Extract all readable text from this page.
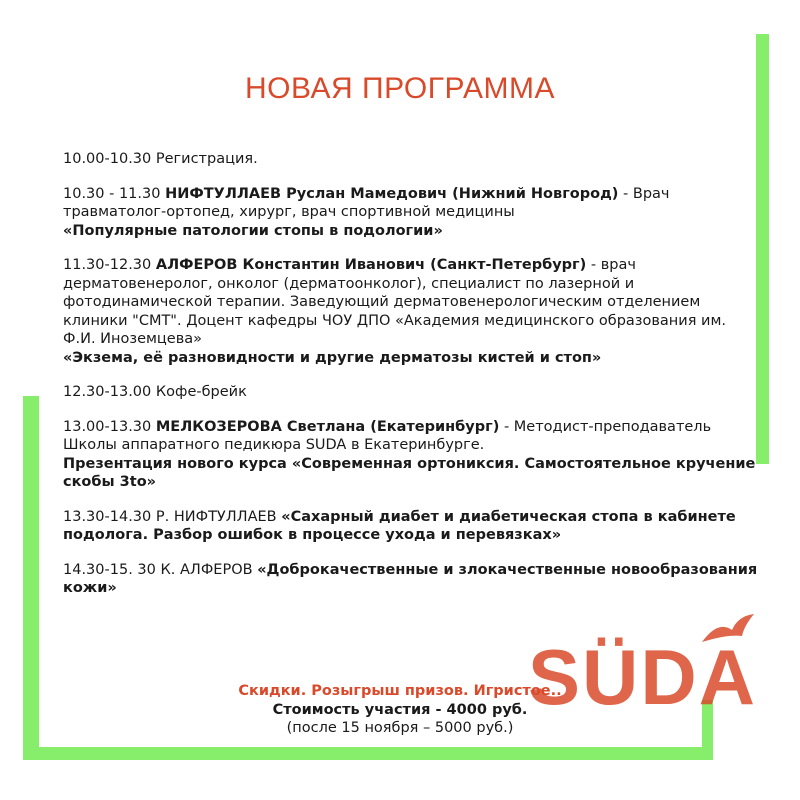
НОВАЯ ПРОГРАММА
10.00-10.30 Регистрация.
10.30 - 11.30 НИФТУЛЛАЕВ Руслан Мамедович (Нижний Новгород) - Врач травматолог-ортопед, хирург, врач спортивной медицины
«Популярные патологии стопы в подологии»
11.30-12.30 АЛФЕРОВ Константин Иванович (Санкт-Петербург) - врач дерматовенеролог, онколог (дерматоонколог), специалист по лазерной и фотодинамической терапии. Заведующий дерматовенерологическим отделением клиники "СМТ". Доцент кафедры ЧОУ ДПО «Академия медицинского образования им. Ф.И. Иноземцева»
«Экзема, её разновидности и другие дерматозы кистей и стоп»
12.30-13.00 Кофе-брейк
13.00-13.30 МЕЛКОЗЕРОВА Светлана (Екатеринбург) - Методист-преподаватель Школы аппаратного педикюра SUDA в Екатеринбурге.
Презентация нового курса «Современная ортониксия. Самостоятельное кручение скобы 3to»
13.30-14.30 Р. НИФТУЛЛАЕВ «Сахарный диабет и диабетическая стопа в кабинете подолога. Разбор ошибок в процессе ухода и перевязках»
14.30-15. 30 К. АЛФЕРОВ «Доброкачественные и злокачественные новообразования кожи»
SÜDA
Скидки. Розыгрыш призов. Игристое..
Стоимость участия - 4000 руб.
(после 15 ноября – 5000 руб.)
